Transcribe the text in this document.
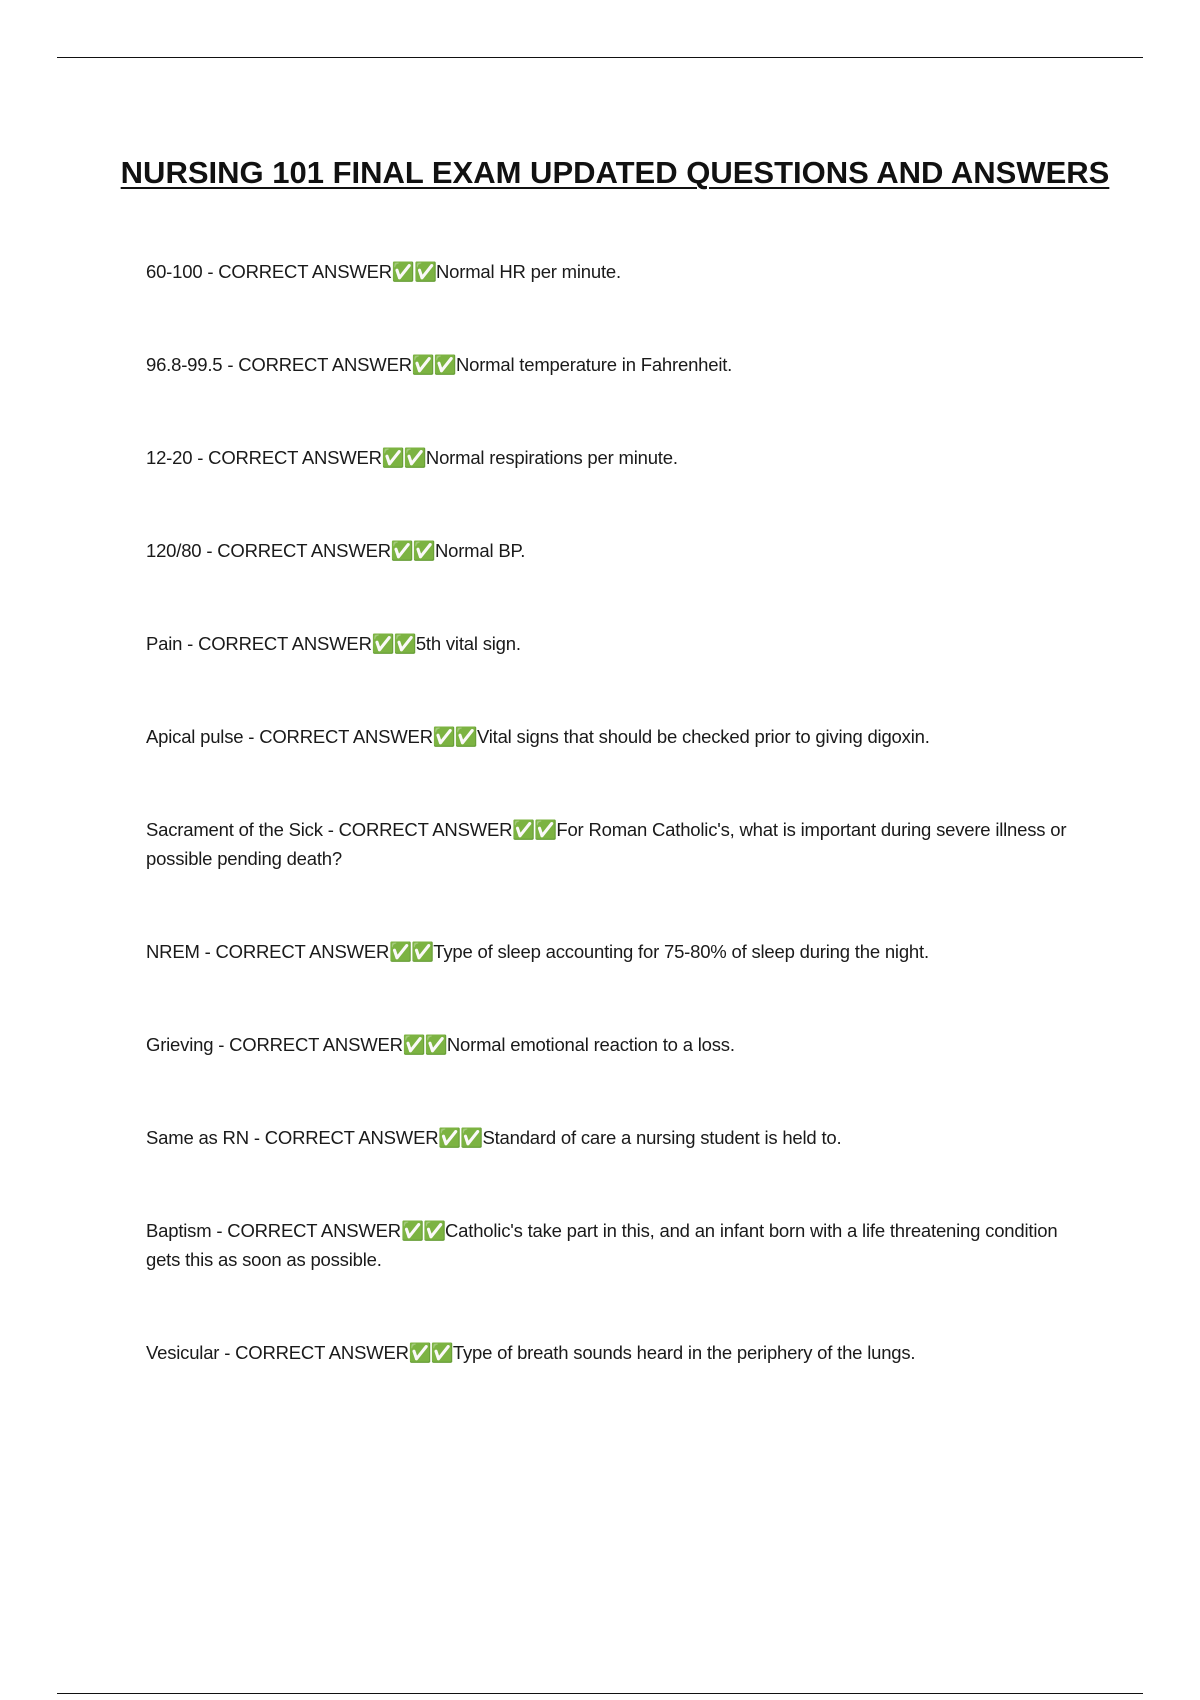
NURSING 101 FINAL EXAM UPDATED QUESTIONS AND ANSWERS

60-100 - CORRECT ANSWER✅✅Normal HR per minute.

96.8-99.5 - CORRECT ANSWER✅✅Normal temperature in Fahrenheit.

12-20 - CORRECT ANSWER✅✅Normal respirations per minute.

120/80 - CORRECT ANSWER✅✅Normal BP.

Pain - CORRECT ANSWER✅✅5th vital sign.

Apical pulse - CORRECT ANSWER✅✅Vital signs that should be checked prior to giving digoxin.

Sacrament of the Sick - CORRECT ANSWER✅✅For Roman Catholic's, what is important during severe illness or possible pending death?

NREM - CORRECT ANSWER✅✅Type of sleep accounting for 75-80% of sleep during the night.

Grieving - CORRECT ANSWER✅✅Normal emotional reaction to a loss.

Same as RN - CORRECT ANSWER✅✅Standard of care a nursing student is held to.

Baptism - CORRECT ANSWER✅✅Catholic's take part in this, and an infant born with a life threatening condition gets this as soon as possible.

Vesicular - CORRECT ANSWER✅✅Type of breath sounds heard in the periphery of the lungs.
